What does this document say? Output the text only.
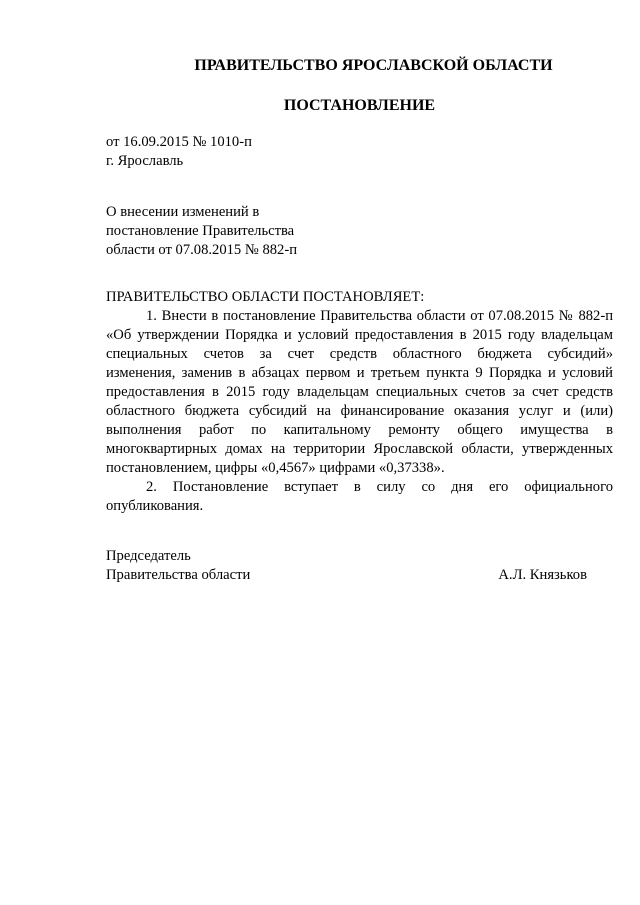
ПРАВИТЕЛЬСТВО ЯРОСЛАВСКОЙ ОБЛАСТИ
ПОСТАНОВЛЕНИЕ
от 16.09.2015 № 1010-п
г. Ярославль
О внесении изменений в
постановление Правительства
области от 07.08.2015 № 882-п
ПРАВИТЕЛЬСТВО ОБЛАСТИ ПОСТАНОВЛЯЕТ:
1. Внести в постановление Правительства области от 07.08.2015 № 882-п
«Об утверждении Порядка и условий предоставления в 2015 году владельцам
специальных счетов за счет средств областного бюджета субсидий»
изменения, заменив в абзацах первом и третьем пункта 9 Порядка и условий
предоставления в 2015 году владельцам специальных счетов за счет средств
областного бюджета субсидий на финансирование оказания услуг и (или)
выполнения работ по капитальному ремонту общего имущества в
многоквартирных домах на территории Ярославской области, утвержденных
постановлением, цифры «0,4567» цифрами «0,37338».
2. Постановление вступает в силу со дня его официального
опубликования.
Председатель
Правительства области	А.Л. Князьков
